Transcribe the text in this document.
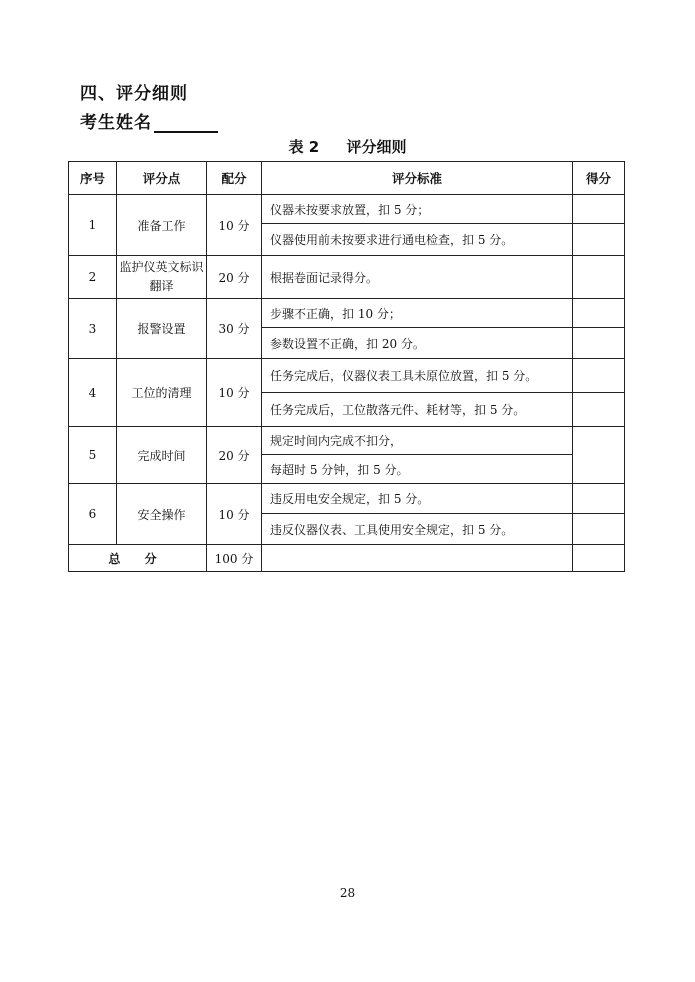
四、评分细则
考生姓名
表 2 评分细则
序号	评分点	配分	评分标准	得分
1	准备工作	10 分	仪器未按要求放置，扣 5 分；	
			仪器使用前未按要求进行通电检查，扣 5 分。	
2	监护仪英文标识翻译	20 分	根据卷面记录得分。	
3	报警设置	30 分	步骤不正确，扣 10 分；	
			参数设置不正确，扣 20 分。	
4	工位的清理	10 分	任务完成后，仪器仪表工具未原位放置，扣 5 分。	
			任务完成后，工位散落元件、耗材等，扣 5 分。	
5	完成时间	20 分	规定时间内完成不扣分，	
			每超时 5 分钟，扣 5 分。	
6	安全操作	10 分	违反用电安全规定，扣 5 分。	
			违反仪器仪表、工具使用安全规定，扣 5 分。	
总 分		100 分		
28
